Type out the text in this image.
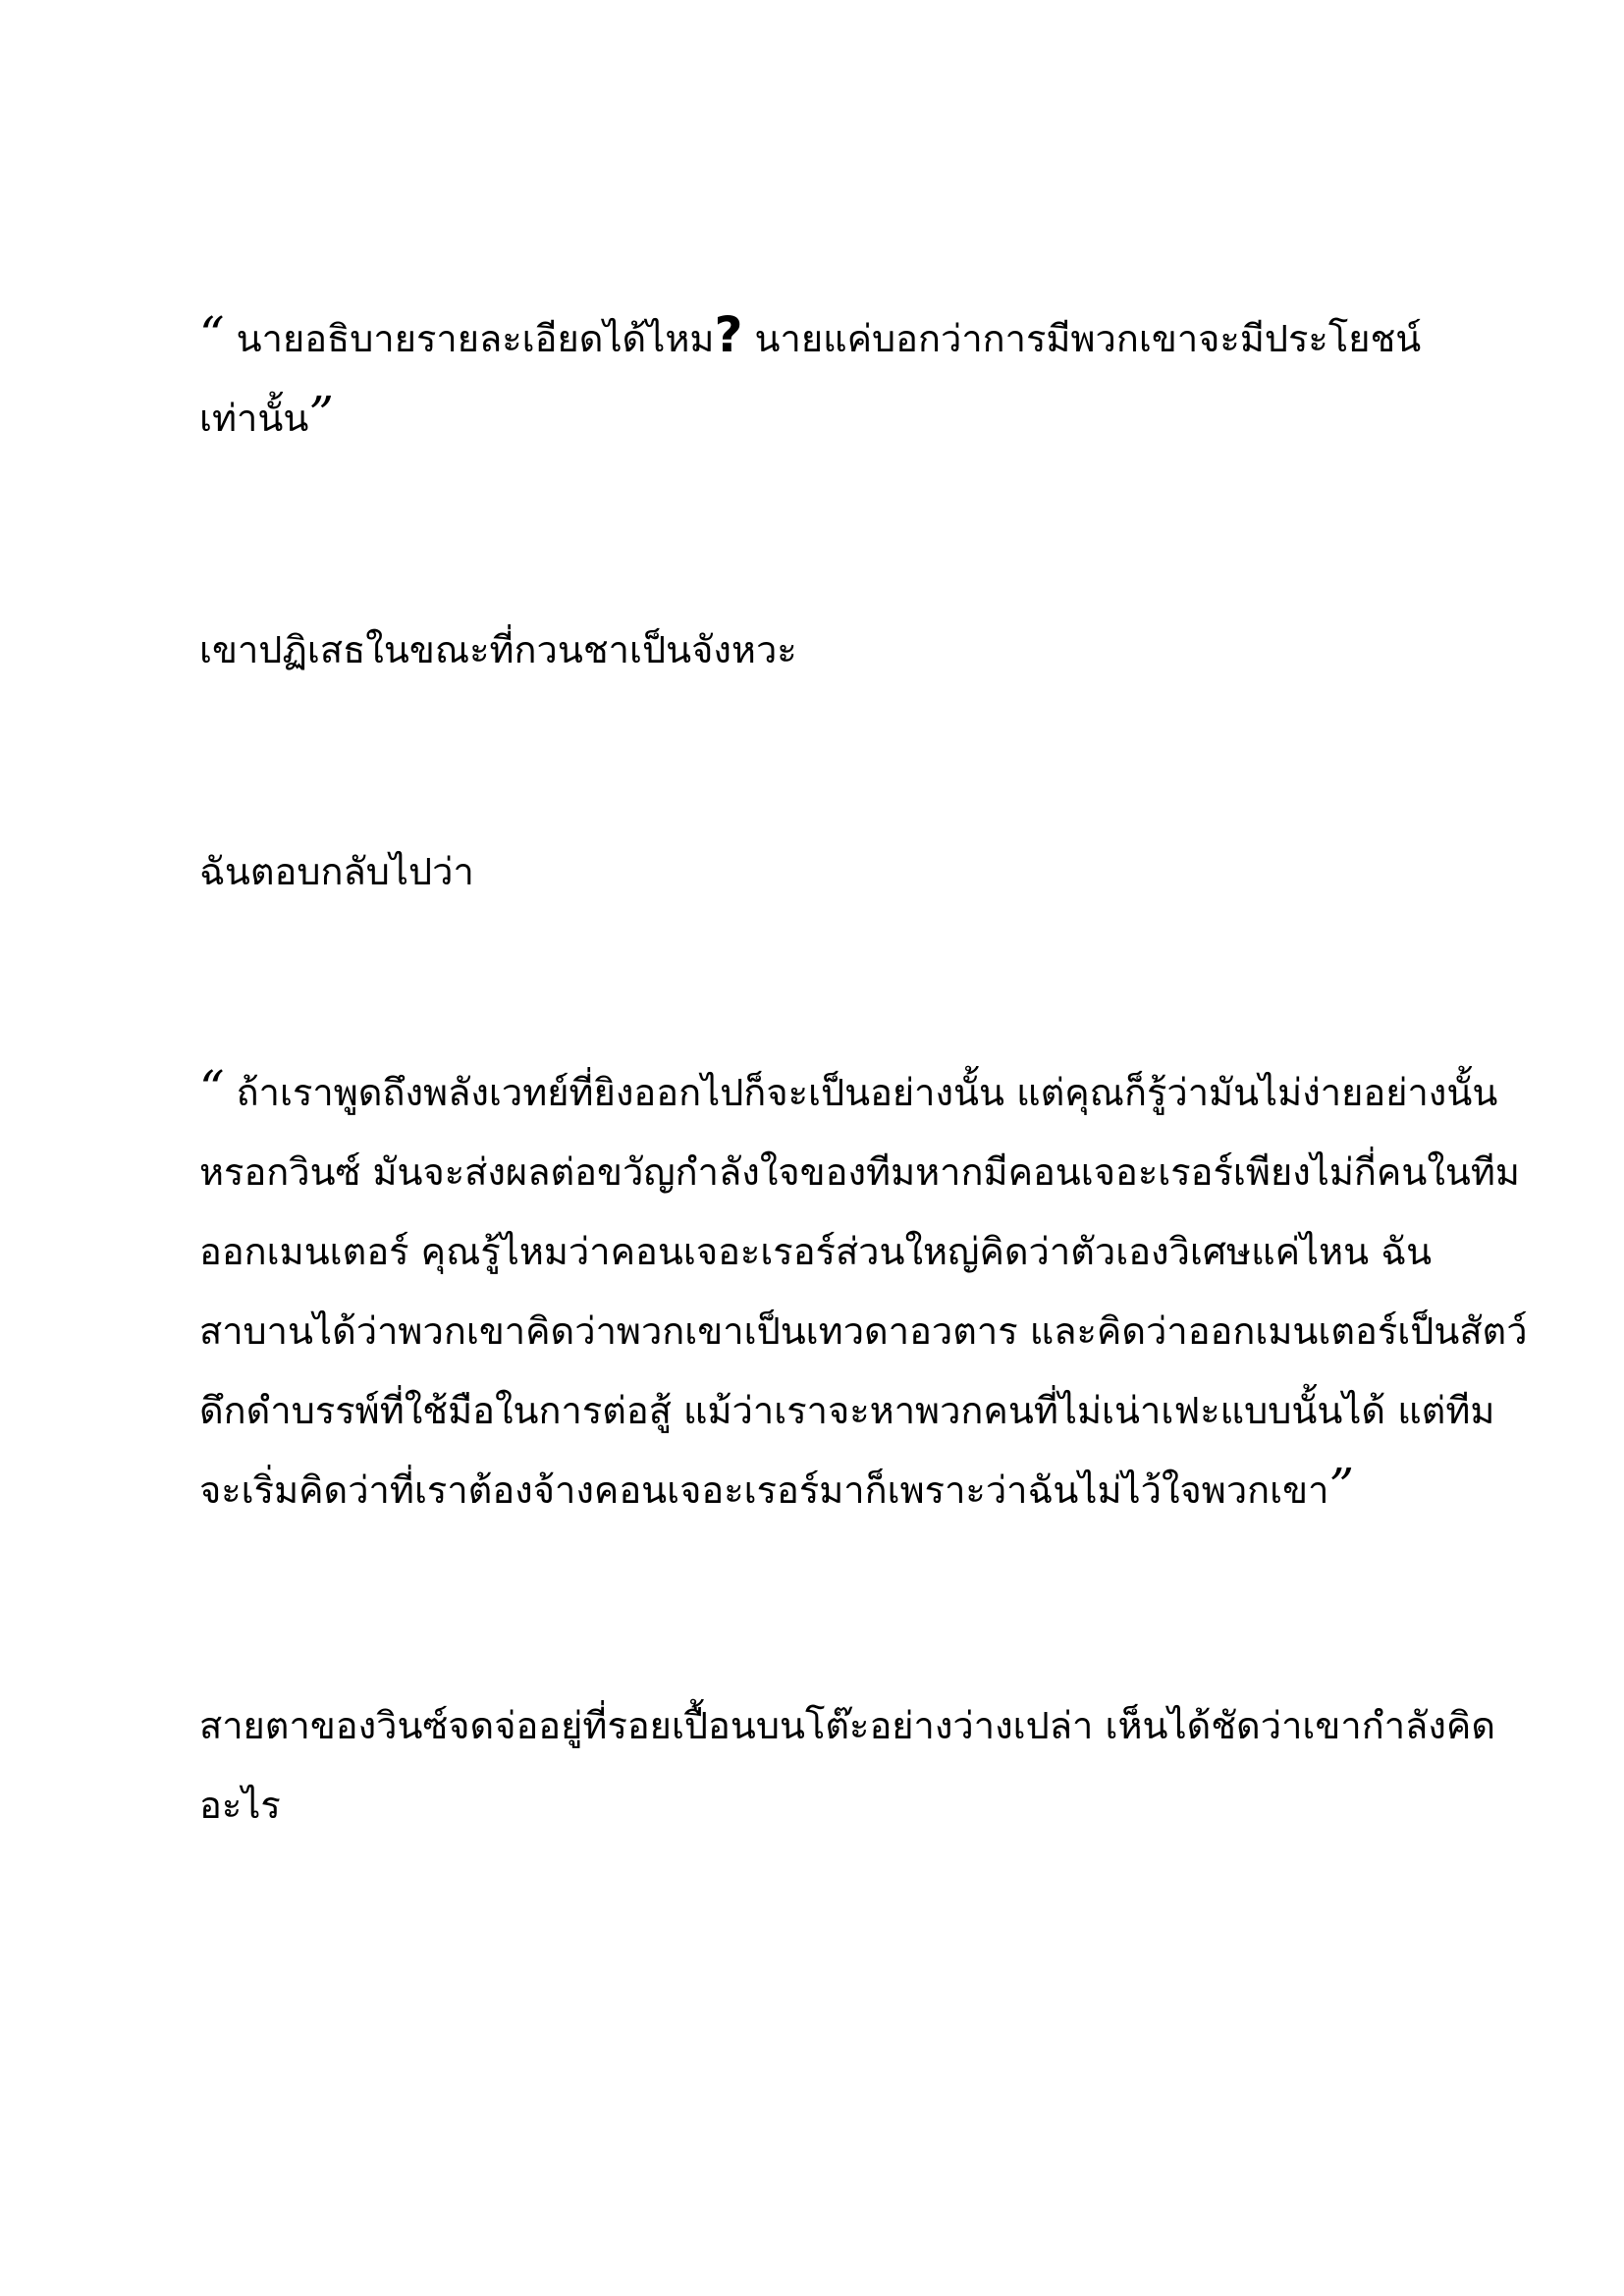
“ นายอธิบายรายละเอียดได้ไหม? นายแค่บอกว่าการมีพวกเขาจะมีประโยชน์
เท่านั้น”

เขาปฏิเสธในขณะที่กวนชาเป็นจังหวะ

ฉันตอบกลับไปว่า

“ ถ้าเราพูดถึงพลังเวทย์ที่ยิงออกไปก็จะเป็นอย่างนั้น แต่คุณก็รู้ว่ามันไม่ง่ายอย่างนั้น
หรอกวินซ์ มันจะส่งผลต่อขวัญกำลังใจของทีมหากมีคอนเจอะเรอร์เพียงไม่กี่คนในทีม
ออกเมนเตอร์ คุณรู้ไหมว่าคอนเจอะเรอร์ส่วนใหญ่คิดว่าตัวเองวิเศษแค่ไหน ฉัน
สาบานได้ว่าพวกเขาคิดว่าพวกเขาเป็นเทวดาอวตาร และคิดว่าออกเมนเตอร์เป็นสัตว์
ดึกดำบรรพ์ที่ใช้มือในการต่อสู้ แม้ว่าเราจะหาพวกคนที่ไม่เน่าเฟะแบบนั้นได้ แต่ทีม
จะเริ่มคิดว่าที่เราต้องจ้างคอนเจอะเรอร์มาก็เพราะว่าฉันไม่ไว้ใจพวกเขา”

สายตาของวินซ์จดจ่ออยู่ที่รอยเปื้อนบนโต๊ะอย่างว่างเปล่า เห็นได้ชัดว่าเขากำลังคิด
อะไร
